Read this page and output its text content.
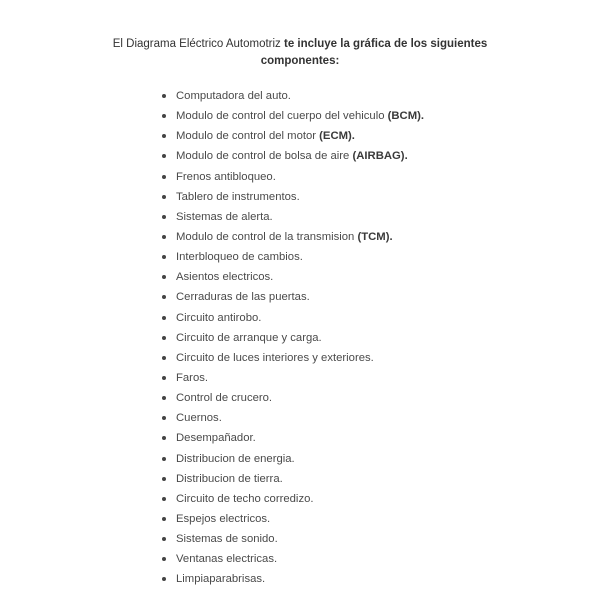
El Diagrama Eléctrico Automotriz te incluye la gráfica de los siguientes
componentes:
Computadora del auto.
Modulo de control del cuerpo del vehiculo (BCM).
Modulo de control del motor (ECM).
Modulo de control de bolsa de aire (AIRBAG).
Frenos antibloqueo.
Tablero de instrumentos.
Sistemas de alerta.
Modulo de control de la transmision (TCM).
Interbloqueo de cambios.
Asientos electricos.
Cerraduras de las puertas.
Circuito antirobo.
Circuito de arranque y carga.
Circuito de luces interiores y exteriores.
Faros.
Control de crucero.
Cuernos.
Desempañador.
Distribucion de energia.
Distribucion de tierra.
Circuito de techo corredizo.
Espejos electricos.
Sistemas de sonido.
Ventanas electricas.
Limpiaparabrisas.
